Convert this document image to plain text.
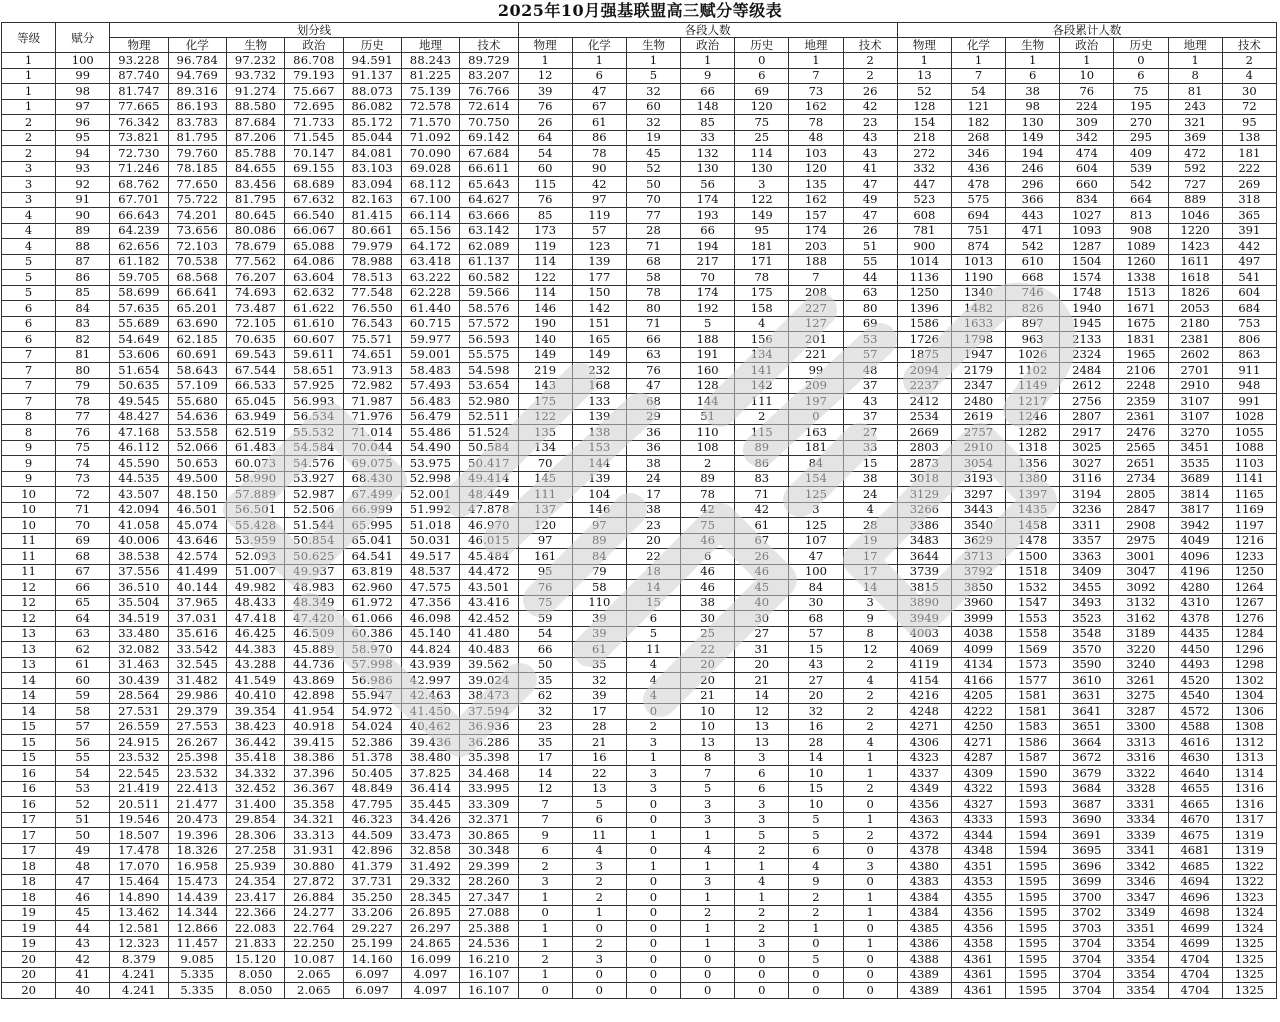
2025年10月强基联盟高三赋分等级表
等级	赋分	划分线							各段人数							各段累计人数						
		物理	化学	生物	政治	历史	地理	技术	物理	化学	生物	政治	历史	地理	技术	物理	化学	生物	政治	历史	地理	技术
1	100	93.228	96.784	97.232	86.708	94.591	88.243	89.729	1	1	1	1	0	1	2	1	1	1	1	0	1	2
1	99	87.740	94.769	93.732	79.193	91.137	81.225	83.207	12	6	5	9	6	7	2	13	7	6	10	6	8	4
1	98	81.747	89.316	91.274	75.667	88.073	75.139	76.766	39	47	32	66	69	73	26	52	54	38	76	75	81	30
1	97	77.665	86.193	88.580	72.695	86.082	72.578	72.614	76	67	60	148	120	162	42	128	121	98	224	195	243	72
2	96	76.342	83.783	87.684	71.733	85.172	71.570	70.750	26	61	32	85	75	78	23	154	182	130	309	270	321	95
2	95	73.821	81.795	87.206	71.545	85.044	71.092	69.142	64	86	19	33	25	48	43	218	268	149	342	295	369	138
2	94	72.730	79.760	85.788	70.147	84.081	70.090	67.684	54	78	45	132	114	103	43	272	346	194	474	409	472	181
3	93	71.246	78.185	84.655	69.155	83.103	69.028	66.611	60	90	52	130	130	120	41	332	436	246	604	539	592	222
3	92	68.762	77.650	83.456	68.689	83.094	68.112	65.643	115	42	50	56	3	135	47	447	478	296	660	542	727	269
3	91	67.701	75.722	81.795	67.632	82.163	67.100	64.627	76	97	70	174	122	162	49	523	575	366	834	664	889	318
4	90	66.643	74.201	80.645	66.540	81.415	66.114	63.666	85	119	77	193	149	157	47	608	694	443	1027	813	1046	365
4	89	64.239	73.656	80.086	66.067	80.661	65.156	63.142	173	57	28	66	95	174	26	781	751	471	1093	908	1220	391
4	88	62.656	72.103	78.679	65.088	79.979	64.172	62.089	119	123	71	194	181	203	51	900	874	542	1287	1089	1423	442
5	87	61.182	70.538	77.562	64.086	78.988	63.418	61.137	114	139	68	217	171	188	55	1014	1013	610	1504	1260	1611	497
5	86	59.705	68.568	76.207	63.604	78.513	63.222	60.582	122	177	58	70	78	7	44	1136	1190	668	1574	1338	1618	541
5	85	58.699	66.641	74.693	62.632	77.548	62.228	59.566	114	150	78	174	175	208	63	1250	1340	746	1748	1513	1826	604
6	84	57.635	65.201	73.487	61.622	76.550	61.440	58.576	146	142	80	192	158	227	80	1396	1482	826	1940	1671	2053	684
6	83	55.689	63.690	72.105	61.610	76.543	60.715	57.572	190	151	71	5	4	127	69	1586	1633	897	1945	1675	2180	753
6	82	54.649	62.185	70.635	60.607	75.571	59.977	56.593	140	165	66	188	156	201	53	1726	1798	963	2133	1831	2381	806
7	81	53.606	60.691	69.543	59.611	74.651	59.001	55.575	149	149	63	191	134	221	57	1875	1947	1026	2324	1965	2602	863
7	80	51.654	58.643	67.544	58.651	73.913	58.483	54.598	219	232	76	160	141	99	48	2094	2179	1102	2484	2106	2701	911
7	79	50.635	57.109	66.533	57.925	72.982	57.493	53.654	143	168	47	128	142	209	37	2237	2347	1149	2612	2248	2910	948
7	78	49.545	55.680	65.045	56.993	71.987	56.483	52.980	175	133	68	144	111	197	43	2412	2480	1217	2756	2359	3107	991
8	77	48.427	54.636	63.949	56.534	71.976	56.479	52.511	122	139	29	51	2	0	37	2534	2619	1246	2807	2361	3107	1028
8	76	47.168	53.558	62.519	55.532	71.014	55.486	51.524	135	138	36	110	115	163	27	2669	2757	1282	2917	2476	3270	1055
9	75	46.112	52.066	61.483	54.584	70.044	54.490	50.584	134	153	36	108	89	181	33	2803	2910	1318	3025	2565	3451	1088
9	74	45.590	50.653	60.073	54.576	69.075	53.975	50.417	70	144	38	2	86	84	15	2873	3054	1356	3027	2651	3535	1103
9	73	44.535	49.500	58.990	53.927	68.430	52.998	49.414	145	139	24	89	83	154	38	3018	3193	1380	3116	2734	3689	1141
10	72	43.507	48.150	57.889	52.987	67.499	52.001	48.449	111	104	17	78	71	125	24	3129	3297	1397	3194	2805	3814	1165
10	71	42.094	46.501	56.501	52.506	66.999	51.992	47.878	137	146	38	42	42	3	4	3266	3443	1435	3236	2847	3817	1169
10	70	41.058	45.074	55.428	51.544	65.995	51.018	46.970	120	97	23	75	61	125	28	3386	3540	1458	3311	2908	3942	1197
11	69	40.006	43.646	53.959	50.854	65.041	50.031	46.015	97	89	20	46	67	107	19	3483	3629	1478	3357	2975	4049	1216
11	68	38.538	42.574	52.093	50.625	64.541	49.517	45.484	161	84	22	6	26	47	17	3644	3713	1500	3363	3001	4096	1233
11	67	37.556	41.499	51.007	49.937	63.819	48.537	44.472	95	79	18	46	46	100	17	3739	3792	1518	3409	3047	4196	1250
12	66	36.510	40.144	49.982	48.983	62.960	47.575	43.501	76	58	14	46	45	84	14	3815	3850	1532	3455	3092	4280	1264
12	65	35.504	37.965	48.433	48.349	61.972	47.356	43.416	75	110	15	38	40	30	3	3890	3960	1547	3493	3132	4310	1267
12	64	34.519	37.031	47.418	47.420	61.066	46.098	42.452	59	39	6	30	30	68	9	3949	3999	1553	3523	3162	4378	1276
13	63	33.480	35.616	46.425	46.509	60.386	45.140	41.480	54	39	5	25	27	57	8	4003	4038	1558	3548	3189	4435	1284
13	62	32.082	33.542	44.383	45.889	58.970	44.824	40.483	66	61	11	22	31	15	12	4069	4099	1569	3570	3220	4450	1296
13	61	31.463	32.545	43.288	44.736	57.998	43.939	39.562	50	35	4	20	20	43	2	4119	4134	1573	3590	3240	4493	1298
14	60	30.439	31.482	41.549	43.869	56.986	42.997	39.024	35	32	4	20	21	27	4	4154	4166	1577	3610	3261	4520	1302
14	59	28.564	29.986	40.410	42.898	55.947	42.463	38.473	62	39	4	21	14	20	2	4216	4205	1581	3631	3275	4540	1304
14	58	27.531	29.379	39.354	41.954	54.972	41.450	37.594	32	17	0	10	12	32	2	4248	4222	1581	3641	3287	4572	1306
15	57	26.559	27.553	38.423	40.918	54.024	40.462	36.936	23	28	2	10	13	16	2	4271	4250	1583	3651	3300	4588	1308
15	56	24.915	26.267	36.442	39.415	52.386	39.436	36.286	35	21	3	13	13	28	4	4306	4271	1586	3664	3313	4616	1312
15	55	23.532	25.398	35.418	38.386	51.378	38.480	35.398	17	16	1	8	3	14	1	4323	4287	1587	3672	3316	4630	1313
16	54	22.545	23.532	34.332	37.396	50.405	37.825	34.468	14	22	3	7	6	10	1	4337	4309	1590	3679	3322	4640	1314
16	53	21.419	22.413	32.452	36.367	48.849	36.414	33.995	12	13	3	5	6	15	2	4349	4322	1593	3684	3328	4655	1316
16	52	20.511	21.477	31.400	35.358	47.795	35.445	33.309	7	5	0	3	3	10	0	4356	4327	1593	3687	3331	4665	1316
17	51	19.546	20.473	29.854	34.321	46.323	34.426	32.371	7	6	0	3	3	5	1	4363	4333	1593	3690	3334	4670	1317
17	50	18.507	19.396	28.306	33.313	44.509	33.473	30.865	9	11	1	1	5	5	2	4372	4344	1594	3691	3339	4675	1319
17	49	17.478	18.326	27.258	31.931	42.896	32.858	30.348	6	4	0	4	2	6	0	4378	4348	1594	3695	3341	4681	1319
18	48	17.070	16.958	25.939	30.880	41.379	31.492	29.399	2	3	1	1	1	4	3	4380	4351	1595	3696	3342	4685	1322
18	47	15.464	15.473	24.354	27.872	37.731	29.332	28.260	3	2	0	3	4	9	0	4383	4353	1595	3699	3346	4694	1322
18	46	14.890	14.439	23.417	26.884	35.250	28.345	27.347	1	2	0	1	1	2	1	4384	4355	1595	3700	3347	4696	1323
19	45	13.462	14.344	22.366	24.277	33.206	26.895	27.088	0	1	0	2	2	2	1	4384	4356	1595	3702	3349	4698	1324
19	44	12.581	12.866	22.083	22.764	29.227	26.297	25.388	1	0	0	1	2	1	0	4385	4356	1595	3703	3351	4699	1324
19	43	12.323	11.457	21.833	22.250	25.199	24.865	24.536	1	2	0	1	3	0	1	4386	4358	1595	3704	3354	4699	1325
20	42	8.379	9.085	15.120	10.087	14.160	16.099	16.210	2	3	0	0	0	5	0	4388	4361	1595	3704	3354	4704	1325
20	41	4.241	5.335	8.050	2.065	6.097	4.097	16.107	1	0	0	0	0	0	0	4389	4361	1595	3704	3354	4704	1325
20	40	4.241	5.335	8.050	2.065	6.097	4.097	16.107	0	0	0	0	0	0	0	4389	4361	1595	3704	3354	4704	1325
